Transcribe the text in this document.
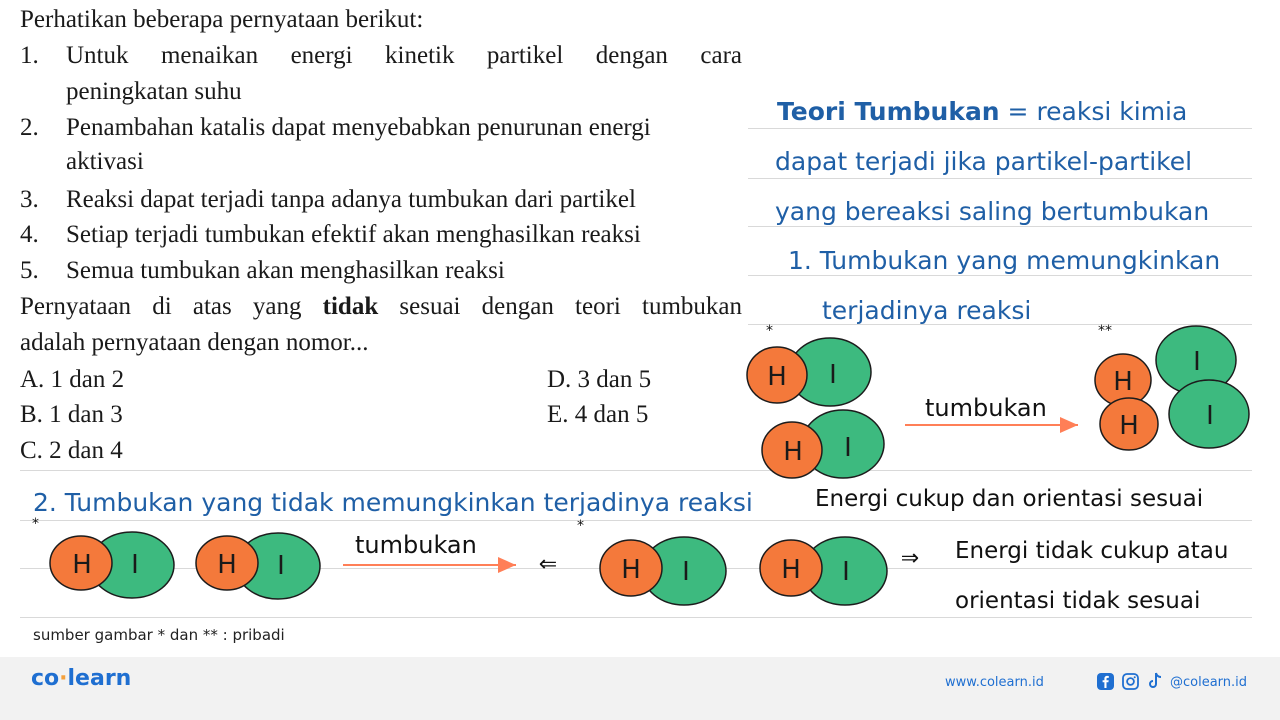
Perhatikan beberapa pernyataan berikut:
1. Untuk menaikan energi kinetik partikel dengan cara
peningkatan suhu
2. Penambahan katalis dapat menyebabkan penurunan energi
aktivasi
3. Reaksi dapat terjadi tanpa adanya tumbukan dari partikel
4. Setiap terjadi tumbukan efektif akan menghasilkan reaksi
5. Semua tumbukan akan menghasilkan reaksi
Pernyataan di atas yang tidak sesuai dengan teori tumbukan
adalah pernyataan dengan nomor...
A. 1 dan 2
B. 1 dan 3
C. 2 dan 4
D. 3 dan 5
E. 4 dan 5
Teori Tumbukan = reaksi kimia
dapat terjadi jika partikel-partikel
yang bereaksi saling bertumbukan
1. Tumbukan yang memungkinkan
terjadinya reaksi
2. Tumbukan yang tidak memungkinkan terjadinya reaksi	Energi cukup dan orientasi sesuai
Energi tidak cukup atau
orientasi tidak sesuai
H I
H I
tumbukan
H
I
H	I
*	**
H I	H I
tumbukan
⇐ H I	H I ⇒
*	*
sumber gambar * dan ** : pribadi
co·learn	www.colearn.id	@colearn.id
